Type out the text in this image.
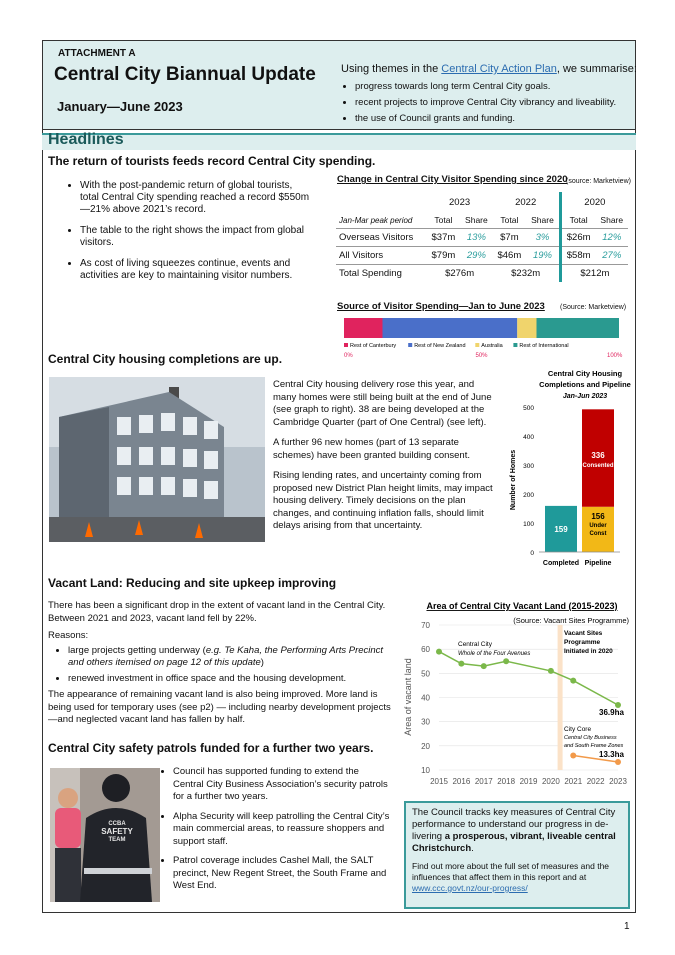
ATTACHMENT A
Central City Biannual Update
January—June 2023
Using themes in the Central City Action Plan, we summarise:
• progress towards long term Central City goals.
• recent projects to improve Central City vibrancy and liveability.
• the use of Council grants and funding.
Headlines
The return of tourists feeds record Central City spending.
• With the post-pandemic return of global tourists, total Central City spending reached a record $550m—21% above 2021’s record.
• The table to the right shows the impact from global visitors.
• As cost of living squeezes continue, events and activities are key to maintaining visitor numbers.
Change in Central City Visitor Spending since 2020
(source: Marketview)
Jan-Mar peak period	2023		2022		2020	
	Total	Share	Total	Share	Total	Share
Overseas Visitors	$37m	13%	$7m	3%	$26m	12%
All Visitors	$79m	29%	$46m	19%	$58m	27%
Total Spending	$276m		$232m		$212m	
Source of Visitor Spending—Jan to June 2023 (Source: Marketview)
Rest of Canterbury	Rest of New Zealand	Australia	Rest of International
0%	50%	100%
Central City housing completions are up.

Central City housing delivery rose this year, and many homes were still being built at the end of June (see graph to right). 38 are being developed at the Cambridge Quarter (part of One Central) (see left).

A further 96 new homes (part of 13 separate schemes) have been granted building consent.

Rising lending rates, and uncertainty coming from proposed new District Plan height limits, may impact housing delivery. Timely decisions on the plan changes, and continuing inflation falls, should limit delays arising from that uncertainty.

Central City Housing
Completions and Pipeline
Jan-Jun 2023
0
100
200
300
400
500
Number of Homes
159
156
Under
Const
336
Consented
Completed Pipeline
Vacant Land: Reducing and site upkeep improving

There has been a significant drop in the extent of vacant land in the Central City. Between 2021 and 2023, vacant land fell by 22%.

Reasons:

• large projects getting underway (e.g. Te Kaha, the Performing Arts Precinct and others itemised on page 12 of this update)
• renewed investment in office space and the housing development.

The appearance of remaining vacant land is also being improved. More land is being used for temporary uses (see p2) — including nearby development projects—and neglected vacant land has fallen by half.

Area of Central City Vacant Land (2015-2023)
(Source: Vacant Sites Programme)
10
20
30
40
50
60
70
2015 2016 2017 2018 2019 2020 2021 2022 2023
Area of vacant land
Central City
Whole of the Four Avenues
Vacant Sites
Programme
Initiated in 2020
36.9ha
City Core
Central City Business
and South Frame Zones
13.3ha
Central City safety patrols funded for a further two years.
CCBA
SAFETY
TEAM
• Council has supported funding to extend the Central City Business Association’s security patrols for a further two years.
• Alpha Security will keep patrolling the Central City’s main commercial areas, to reassure shoppers and support staff.
• Patrol coverage includes Cashel Mall, the SALT precinct, New Regent Street, the South Frame and West End.

The Council tracks key measures of Central City performance to understand our progress in de-livering a prosperous, vibrant, liveable central Christchurch.

Find out more about the full set of measures and the influences that affect them in this report and at
www.ccc.govt.nz/our-progress/

1
